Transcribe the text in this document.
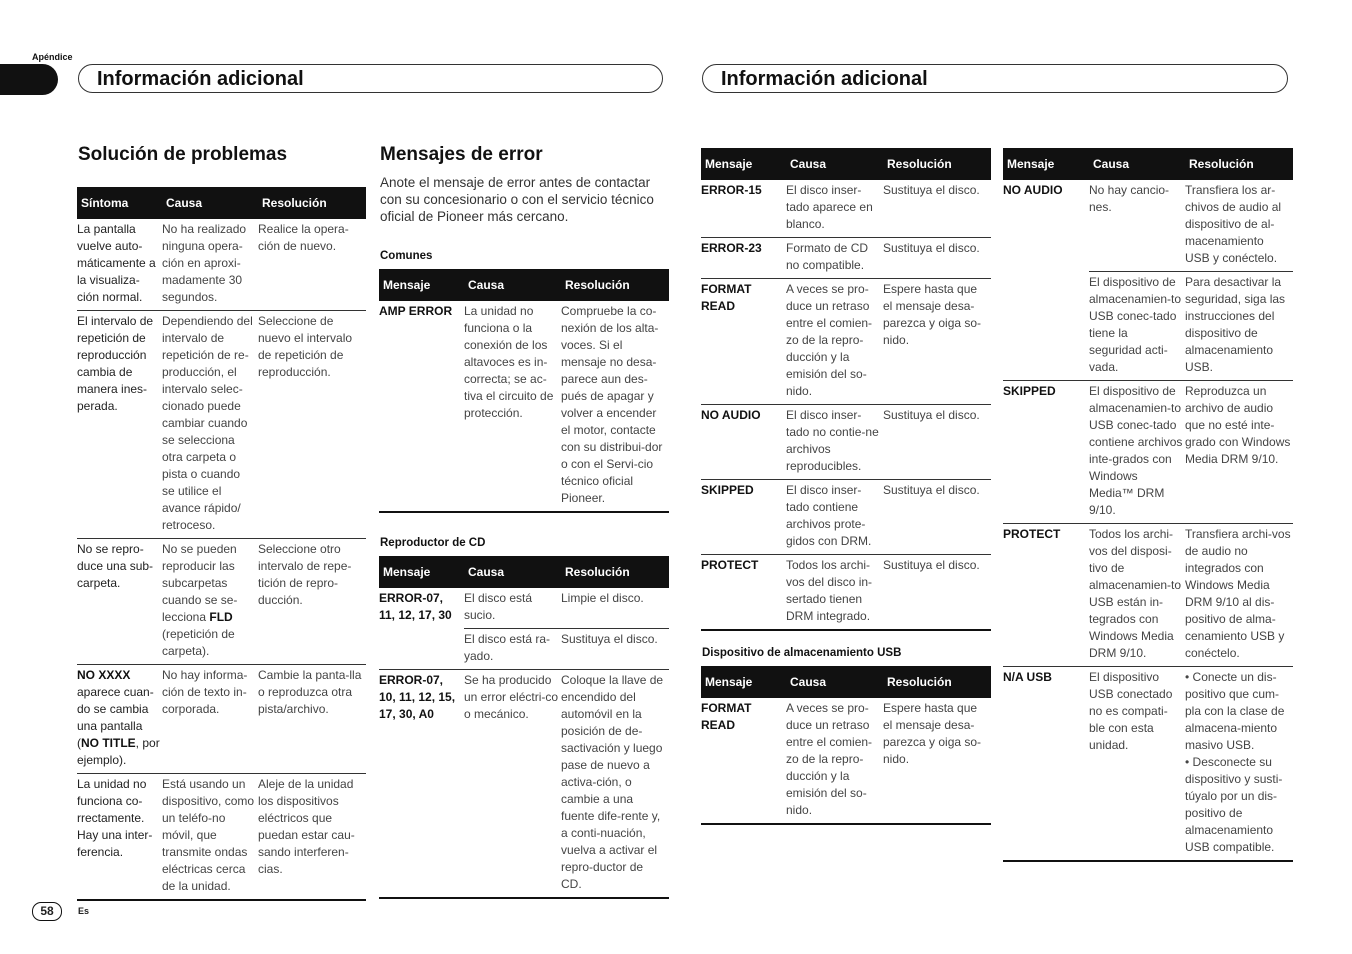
Apéndice
Información adicional	Información adicional
Solución de problemas
Síntoma	Causa	Resolución
La pantalla vuelve auto-máticamente a la visualiza-ción normal.	No ha realizado ninguna opera-ción en aproxi-madamente 30 segundos.	Realice la opera-ción de nuevo.
El intervalo de repetición de reproducción cambia de manera ines-perada.	Dependiendo del intervalo de repetición de re-producción, el intervalo selec-cionado puede cambiar cuando se selecciona otra carpeta o pista o cuando se utilice el avance rápido/ retroceso.	Seleccione de nuevo el intervalo de repetición de reproducción.
No se repro-duce una sub-carpeta.	No se pueden reproducir las subcarpetas cuando se se-lecciona FLD (repetición de carpeta).	Seleccione otro intervalo de repe-tición de repro-ducción.
NO XXXX aparece cuan-do se cambia una pantalla (NO TITLE, por ejemplo).	No hay informa-ción de texto in-corporada.	Cambie la panta-lla o reproduzca otra pista/archivo.
La unidad no funciona co-rrectamente. Hay una inter-ferencia.	Está usando un dispositivo, como un teléfo-no móvil, que transmite ondas eléctricas cerca de la unidad.	Aleje de la unidad los dispositivos eléctricos que puedan estar cau-sando interferen-cias.
Mensajes de error
Anote el mensaje de error antes de contactar con su concesionario o con el servicio técnico oficial de Pioneer más cercano.
Comunes
Mensaje	Causa	Resolución
AMP ERROR	La unidad no funciona o la conexión de los altavoces es in-correcta; se ac-tiva el circuito de protección.	Compruebe la co-nexión de los alta-voces. Si el mensaje no desa-parece aun des-pués de apagar y volver a encender el motor, contacte con su distribui-dor o con el Servi-cio técnico oficial Pioneer.
Reproductor de CD
Mensaje	Causa	Resolución
ERROR-07, 11, 12, 17, 30	El disco está sucio.	Limpie el disco.
	El disco está ra-yado.	Sustituya el disco.
ERROR-07, 10, 11, 12, 15, 17, 30, A0	Se ha producido un error eléctri-co o mecánico.	Coloque la llave de encendido del automóvil en la posición de de-sactivación y luego pase de nuevo a activa-ción, o cambie a una fuente dife-rente y, a conti-nuación, vuelva a activar el repro-ductor de CD.
Mensaje	Causa	Resolución
ERROR-15	El disco inser-tado aparece en blanco.	Sustituya el disco.
ERROR-23	Formato de CD no compatible.	Sustituya el disco.
FORMAT READ	A veces se pro-duce un retraso entre el comien-zo de la repro-ducción y la emisión del so-nido.	Espere hasta que el mensaje desa-parezca y oiga so-nido.
NO AUDIO	El disco inser-tado no contie-ne archivos reproducibles.	Sustituya el disco.
SKIPPED	El disco inser-tado contiene archivos prote-gidos con DRM.	Sustituya el disco.
PROTECT	Todos los archi-vos del disco in-sertado tienen DRM integrado.	Sustituya el disco.
Dispositivo de almacenamiento USB
Mensaje	Causa	Resolución
FORMAT READ	A veces se pro-duce un retraso entre el comien-zo de la repro-ducción y la emisión del so-nido.	Espere hasta que el mensaje desa-parezca y oiga so-nido.
Mensaje	Causa	Resolución
NO AUDIO	No hay cancio-nes.	Transfiera los ar-chivos de audio al dispositivo de al-macenamiento USB y conéctelo.
	El dispositivo de almacenamien-to USB conec-tado tiene la seguridad acti-vada.	Para desactivar la seguridad, siga las instrucciones del dispositivo de almacenamiento USB.
SKIPPED	El dispositivo de almacenamien-to USB conec-tado contiene archivos inte-grados con Windows Media™ DRM 9/10.	Reproduzca un archivo de audio que no esté inte-grado con Windows Media DRM 9/10.
PROTECT	Todos los archi-vos del disposi-tivo de almacenamien-to USB están in-tegrados con Windows Media DRM 9/10.	Transfiera archi-vos de audio no integrados con Windows Media DRM 9/10 al dis-positivo de alma-cenamiento USB y conéctelo.
N/A USB	El dispositivo USB conectado no es compati-ble con esta unidad.	• Conecte un dis-positivo que cum-pla con la clase de almacena-miento masivo USB.
• Desconecte su dispositivo y susti-túyalo por un dis-positivo de almacenamiento USB compatible.
58	Es
